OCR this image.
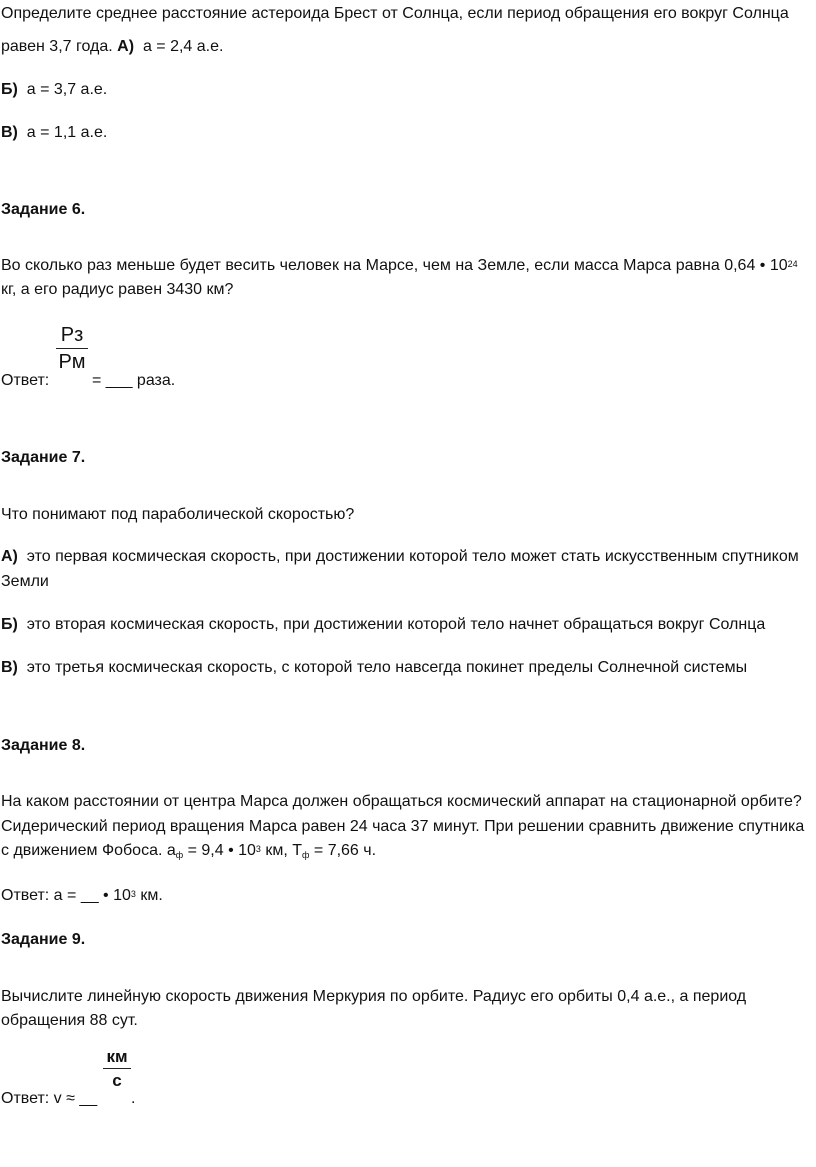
Определите среднее расстояние астероида Брест от Солнца, если период обращения его вокруг Солнца
равен 3,7 года. А) a = 2,4 а.е.
Б) a = 3,7 а.е.
В) a = 1,1 а.е.
Задание 6.
Во сколько раз меньше будет весить человек на Марсе, чем на Земле, если масса Марса равна 0,64 • $10^{24}$
кг, а его радиус равен 3430 км?
Ответ:
Рз
Рм
= ___ раза.
Задание 7.
Что понимают под параболической скоростью?
А) это первая космическая скорость, при достижении которой тело может стать искусственным спутником
Земли
Б) это вторая космическая скорость, при достижении которой тело начнет обращаться вокруг Солнца
В) это третья космическая скорость, с которой тело навсегда покинет пределы Солнечной системы
Задание 8.
На каком расстоянии от центра Марса должен обращаться космический аппарат на стационарной орбите?
Сидерический период вращения Марса равен 24 часа 37 минут. При решении сравнить движение спутника
с движением Фобоса. $a_ф = 9,4$ • $10^3$ км, $T_ф = 7,66$ ч.
Ответ: a = __ • $10^3$ км.
Задание 9.
Вычислите линейную скорость движения Меркурия по орбите. Радиус его орбиты 0,4 а.е., а период
обращения 88 сут.
Ответ: v ≈ __
км
с
.
